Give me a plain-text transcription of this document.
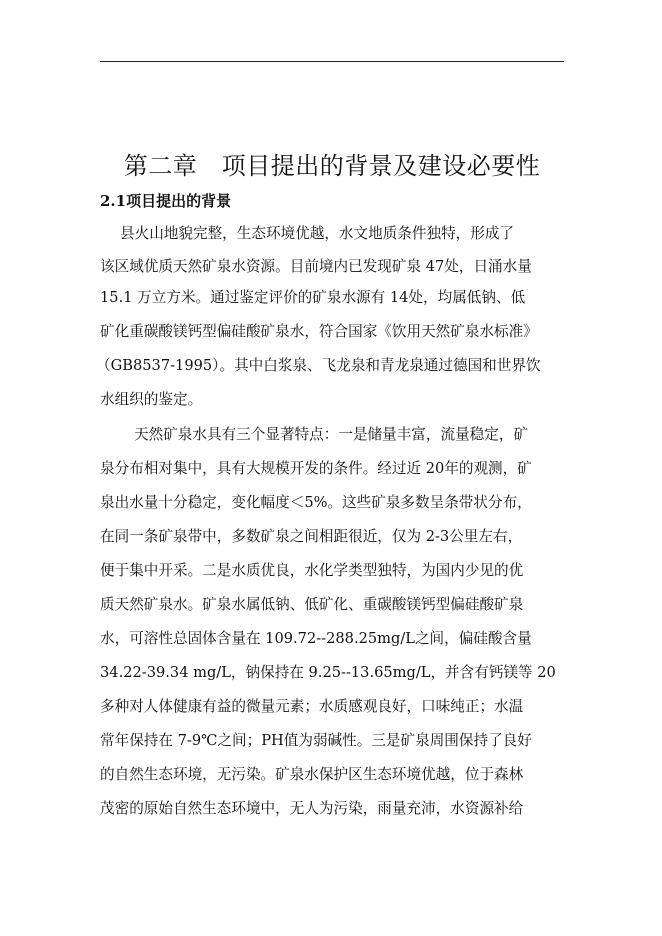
第二章　项目提出的背景及建设必要性
2.1项目提出的背景
县火山地貌完整，生态环境优越，水文地质条件独特，形成了
该区域优质天然矿泉水资源。目前境内已发现矿泉 47处，日涌水量
15.1 万立方米。通过鉴定评价的矿泉水源有 14处，均属低钠、低
矿化重碳酸镁钙型偏硅酸矿泉水，符合国家《饮用天然矿泉水标准》
（GB8537-1995）。其中白浆泉、飞龙泉和青龙泉通过德国和世界饮
水组织的鉴定。
天然矿泉水具有三个显著特点：一是储量丰富，流量稳定，矿
泉分布相对集中，具有大规模开发的条件。经过近 20年的观测，矿
泉出水量十分稳定，变化幅度＜5%。这些矿泉多数呈条带状分布，
在同一条矿泉带中，多数矿泉之间相距很近，仅为 2-3公里左右，
便于集中开采。二是水质优良，水化学类型独特，为国内少见的优
质天然矿泉水。矿泉水属低钠、低矿化、重碳酸镁钙型偏硅酸矿泉
水，可溶性总固体含量在 109.72--288.25mg/L之间，偏硅酸含量
34.22-39.34 mg/L，钠保持在 9.25--13.65mg/L，并含有钙镁等 20
多种对人体健康有益的微量元素；水质感观良好，口味纯正；水温
常年保持在 7-9℃之间；PH值为弱碱性。三是矿泉周围保持了良好
的自然生态环境，无污染。矿泉水保护区生态环境优越，位于森林
茂密的原始自然生态环境中，无人为污染，雨量充沛，水资源补给
